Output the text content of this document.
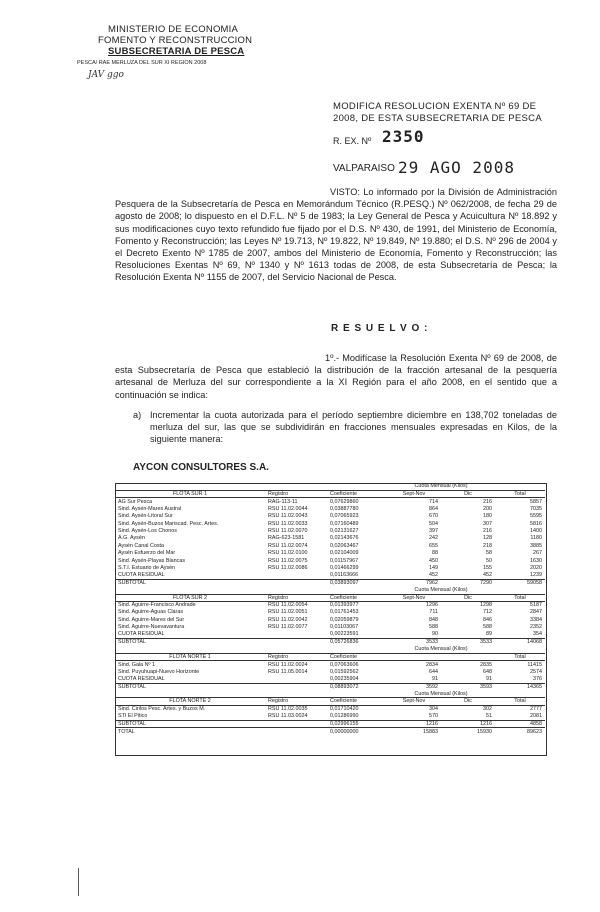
MINISTERIO DE ECONOMIA
FOMENTO Y RECONSTRUCCION
SUBSECRETARIA DE PESCA
PESCA/ RAE MERLUZA DEL SUR XI REGION 2008
JAV ggo
MODIFICA RESOLUCION EXENTA Nº 69 DE
2008, DE ESTA SUBSECRETARIA DE PESCA
R. EX. Nº 2350
VALPARAISO 29 AGO 2008
VISTO: Lo informado por la División de Administración Pesquera de la Subsecretaría de Pesca en Memorándum Técnico (R.PESQ.) Nº 062/2008, de fecha 29 de agosto de 2008; lo dispuesto en el D.F.L. Nº 5 de 1983; la Ley General de Pesca y Acuicultura Nº 18.892 y sus modificaciones cuyo texto refundido fue fijado por el D.S. Nº 430, de 1991, del Ministerio de Economía, Fomento y Reconstrucción; las Leyes Nº 19.713, Nº 19.822, Nº 19.849, Nº 19.880; el D.S. Nº 296 de 2004 y el Decreto Exento Nº 1785 de 2007, ambos del Ministerio de Economía, Fomento y Reconstrucción; las Resoluciones Exentas Nº 69, Nº 1340 y Nº 1613 todas de 2008, de esta Subsecretaría de Pesca; la Resolución Exenta Nº 1155 de 2007, del Servicio Nacional de Pesca.
R E S U E L V O :
1º.- Modifícase la Resolución Exenta Nº 69 de 2008, de esta Subsecretaría de Pesca que estableció la distribución de la fracción artesanal de la pesquería artesanal de Merluza del sur correspondiente a la XI Región para el año 2008, en el sentido que a continuación se indica:
a) Incrementar la cuota autorizada para el período septiembre diciembre en 138,702 toneladas de merluza del sur, las que se subdividirán en fracciones mensuales expresadas en Kilos, de la siguiente manera:
AYCON CONSULTORES S.A.
			Cuota Mensual (Kilos)		
FLOTA SUR 1	Registro	Coeficiente	Sept-Nov	Dic	Total
AG Sur Pesca	RAG-113-11	0,07629860	714	216	5857
Sind. Aysén-Mares Austral	RSU 11.02.0044	0,03887780	864	200	7035
Sind. Aysén-Litoral Sur	RSU 11.02.0043	0,07065923	670	180	5595
Sind. Aysén-Buzos Mariscad. Pesc. Artes.	RSU 11.02.0033	0,07160489	504	307	5816
Sind. Aysén-Los Chonos	RSU 11.02.0070	0,02131627	397	216	1400
A.G. Aysén	RAG-623-1581	0,02143676	242	128	1180
Aysén Canal Costa	RSU 11.02.0074	0,02063467	655	218	3885
Aysén Esfuerzo del Mar	RSU 11.02.0100	0,02104009	88	58	267
Sind. Aysén-Playas Blancas	RSU 11.02.0075	0,01157967	450	50	1630
S.T.I. Estuario de Aysén	RSU 11.02.0086	0,01466299	149	155	2020
CUOTA RESIDUAL		0,01163666	452	452	1239
SUBTOTAL		0,03893097	7962	7290	59058
			Cuota Mensual (Kilos)		
FLOTA SUR 2	Registro	Coeficiente	Sept-Nov	Dic	Total
Sind. Aguirre-Francisco Andrade	RSU 11.02.0054	0,01393977	1296	1298	5187
Sind. Aguirre-Aguas Claras	RSU 11.02.0051	0,01761453	711	712	2847
Sind. Aguirre-Mares del Sur	RSU 11.02.0042	0,02059879	848	846	3384
Sind. Aguirre-Nuevavantura	RSU 11.02.0077	0,01103067	588	588	2352
CUOTA RESIDUAL		0,00223591	90	89	354
SUBTOTAL		0,05726836	3533	3533	14068
			Cuota Mensual (Kilos)		
FLOTA NORTE 1	Registro	Coeficiente			Total
Sind. Gala Nº 1	RSU 11.02.0024	0,07063606	2834	2835	11415
Sind. Puyuhuapi-Nuevo Horizonte	RSU 11.05.0014	0,01592562	644	648	2574
CUOTA RESIDUAL		0,00235904	91	91	376
SUBTOTAL		0,08893072	3592	3593	14365
			Cuota Mensual (Kilos)		
FLOTA NORTE 2	Registro	Coeficiente	Sept-Nov	Dic	Total
Sind. Cirilos Pesc. Artes. y Buzos M.	RSU 11.02.0035	0,01710420	304	302	2777
STI El Pitico	RSU 11.03.0024	0,01286990	570	51	2081
SUBTOTAL		0,02996155	1216	1216	4858
TOTAL		0,00000000	15883	15930	89623
